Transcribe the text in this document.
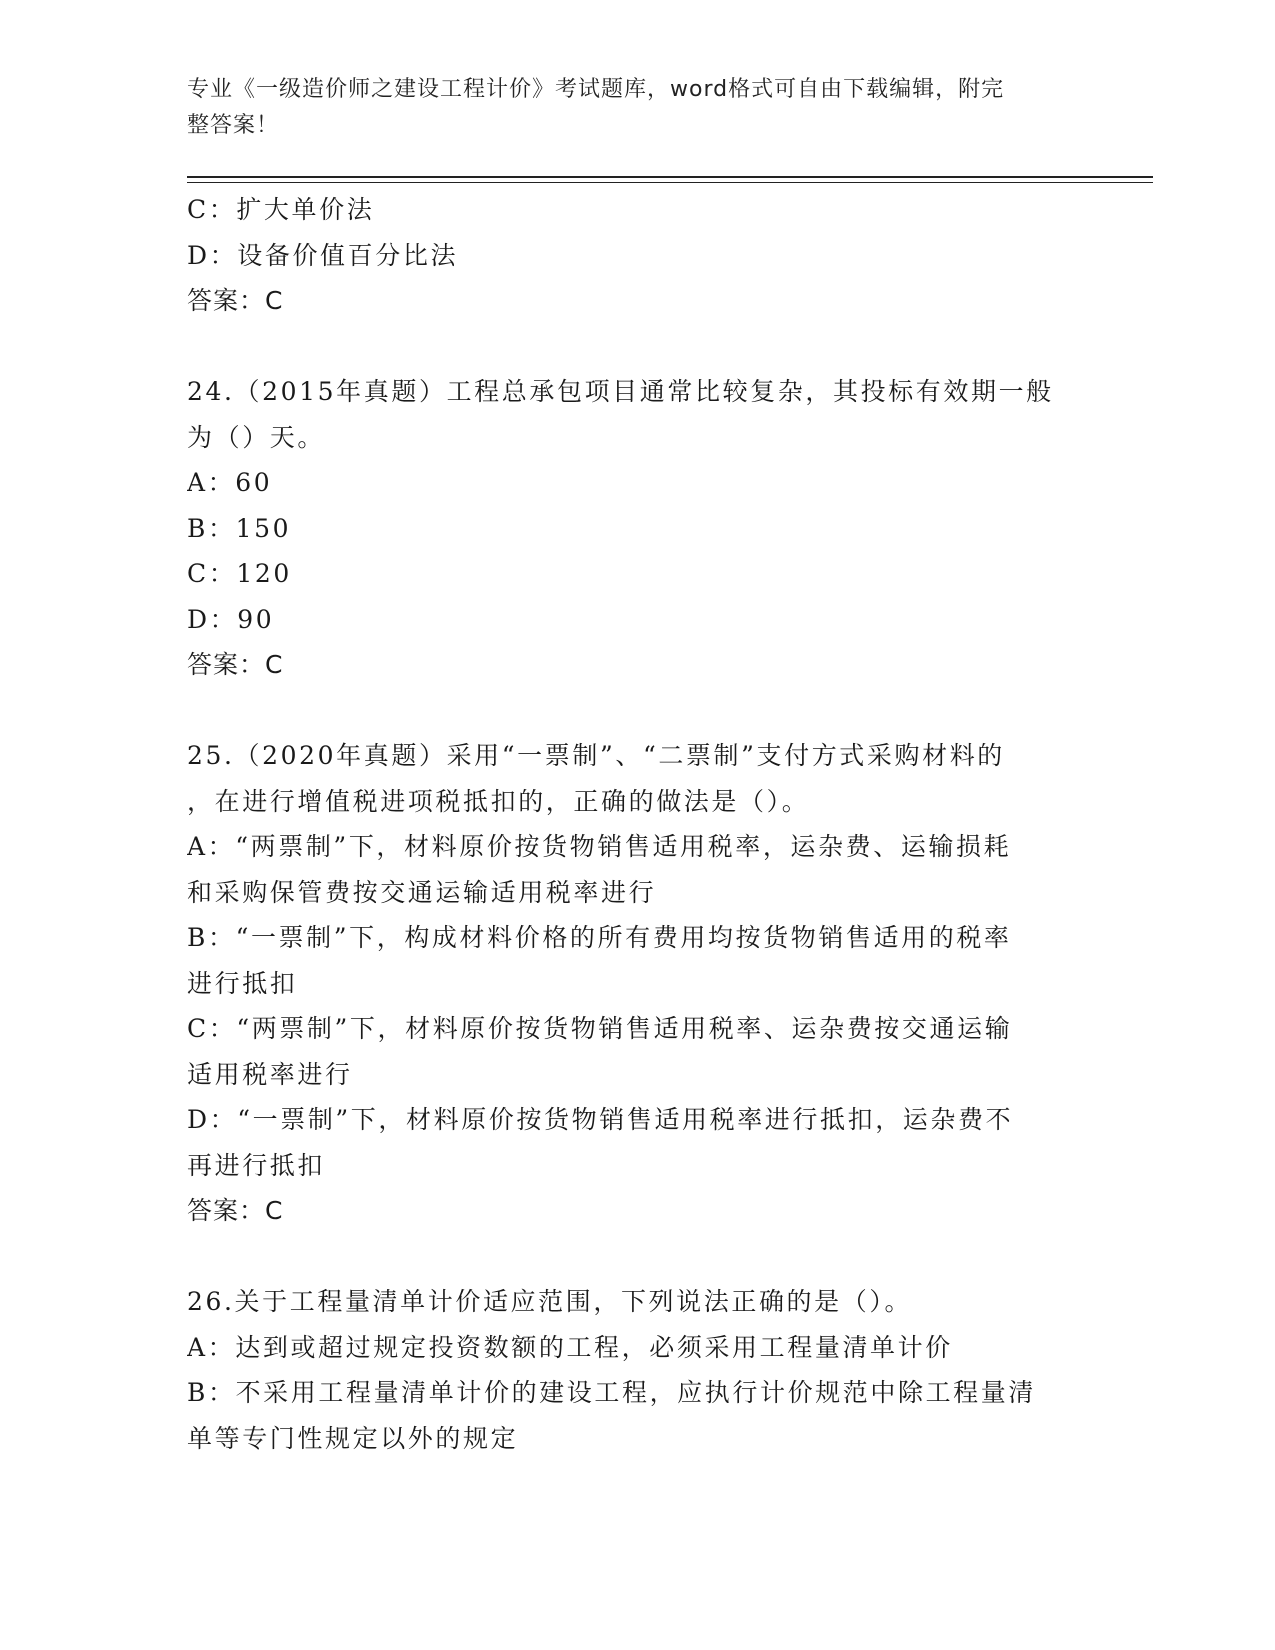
专业《一级造价师之建设工程计价》考试题库，word格式可自由下载编辑，附完
整答案！
C：扩大单价法
D：设备价值百分比法
答案：C
24.（2015年真题）工程总承包项目通常比较复杂，其投标有效期一般
为（）天。
A：60
B：150
C：120
D：90
答案：C
25.（2020年真题）采用“一票制”、“二票制”支付方式采购材料的
，在进行增值税进项税抵扣的，正确的做法是（）。
A：“两票制”下，材料原价按货物销售适用税率，运杂费、运输损耗
和采购保管费按交通运输适用税率进行
B：“一票制”下，构成材料价格的所有费用均按货物销售适用的税率
进行抵扣
C：“两票制”下，材料原价按货物销售适用税率、运杂费按交通运输
适用税率进行
D：“一票制”下，材料原价按货物销售适用税率进行抵扣，运杂费不
再进行抵扣
答案：C
26.关于工程量清单计价适应范围，下列说法正确的是（）。
A：达到或超过规定投资数额的工程，必须采用工程量清单计价
B：不采用工程量清单计价的建设工程，应执行计价规范中除工程量清
单等专门性规定以外的规定
